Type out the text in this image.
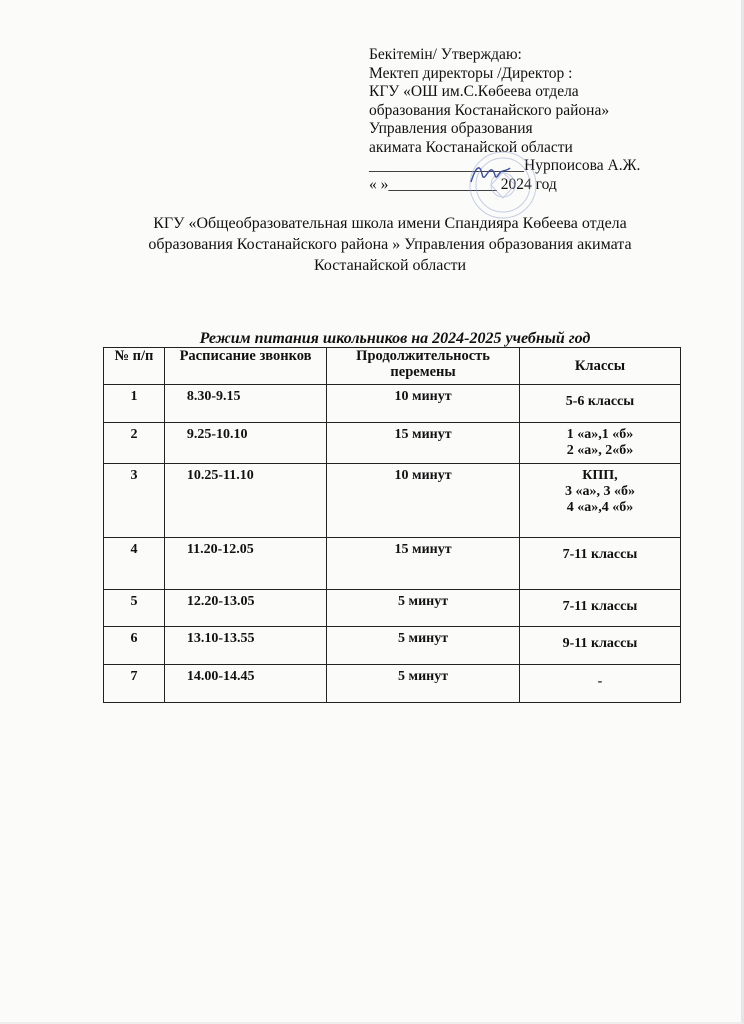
Бекітемін/ Утверждаю:
Мектеп директоры /Директор :
КГУ «ОШ им.С.Көбеева отдела
образования Костанайского района»
Управления образования
акимата Костанайской области
____________________Нурпоисова А.Ж.
« »______________ 2024 год
КГУ «Общеобразовательная школа имени Спандияра Көбеева отдела
образования Костанайского района » Управления образования акимата
Костанайской области
Режим питания школьников на 2024-2025 учебный год
№ п/п	Расписание звонков	Продолжительность перемены	Классы
1	8.30-9.15	10 минут	5-6 классы

2	9.25-10.10	15 минут	1 «а»,1 «б»
2 «а», 2«б»

3	10.25-11.10	10 минут	КПП,
3 «а», 3 «б»
4 «а»,4 «б»

4	11.20-12.05	15 минут	7-11 классы

5	12.20-13.05	5 минут	7-11 классы

6	13.10-13.55	5 минут	9-11 классы

7	14.00-14.45	5 минут	-
